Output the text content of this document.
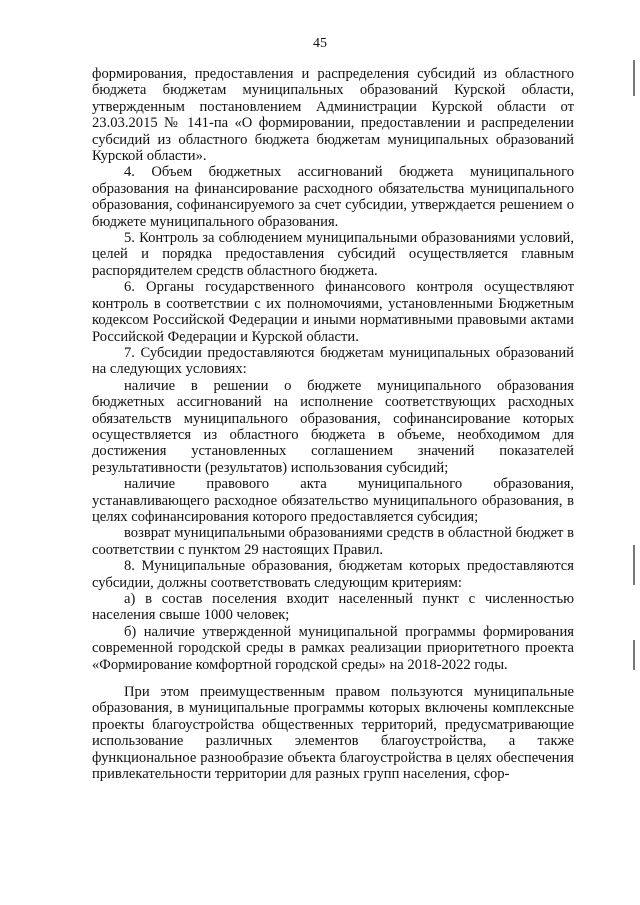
45

формирования, предоставления и распределения субсидий из областного бюджета бюджетам муниципальных образований Курской области, утвержденным постановлением Администрации Курской области от 23.03.2015 № 141-па «О формировании, предоставлении и распределении субсидий из областного бюджета бюджетам муниципальных образований Курской области».

4. Объем бюджетных ассигнований бюджета муниципального образования на финансирование расходного обязательства муниципального образования, софинансируемого за счет субсидии, утверждается решением о бюджете муниципального образования.

5. Контроль за соблюдением муниципальными образованиями условий, целей и порядка предоставления субсидий осуществляется главным распорядителем средств областного бюджета.

6. Органы государственного финансового контроля осуществляют контроль в соответствии с их полномочиями, установленными Бюджетным кодексом Российской Федерации и иными нормативными правовыми актами Российской Федерации и Курской области.

7. Субсидии предоставляются бюджетам муниципальных образований на следующих условиях:

наличие в решении о бюджете муниципального образования бюджетных ассигнований на исполнение соответствующих расходных обязательств муниципального образования, софинансирование которых осуществляется из областного бюджета в объеме, необходимом для достижения установленных соглашением значений показателей результативности (результатов) использования субсидий;

наличие правового акта муниципального образования, устанавливающего расходное обязательство муниципального образования, в целях софинансирования которого предоставляется субсидия;

возврат муниципальными образованиями средств в областной бюджет в соответствии с пунктом 29 настоящих Правил.

8. Муниципальные образования, бюджетам которых предоставляются субсидии, должны соответствовать следующим критериям:

а) в состав поселения входит населенный пункт с численностью населения свыше 1000 человек;

б) наличие утвержденной муниципальной программы формирования современной городской среды в рамках реализации приоритетного проекта «Формирование комфортной городской среды» на 2018-2022 годы.

При этом преимущественным правом пользуются муниципальные образования, в муниципальные программы которых включены комплексные проекты благоустройства общественных территорий, предусматривающие использование различных элементов благоустройства, а также функциональное разнообразие объекта благоустройства в целях обеспечения привлекательности территории для разных групп населения, сфор-
